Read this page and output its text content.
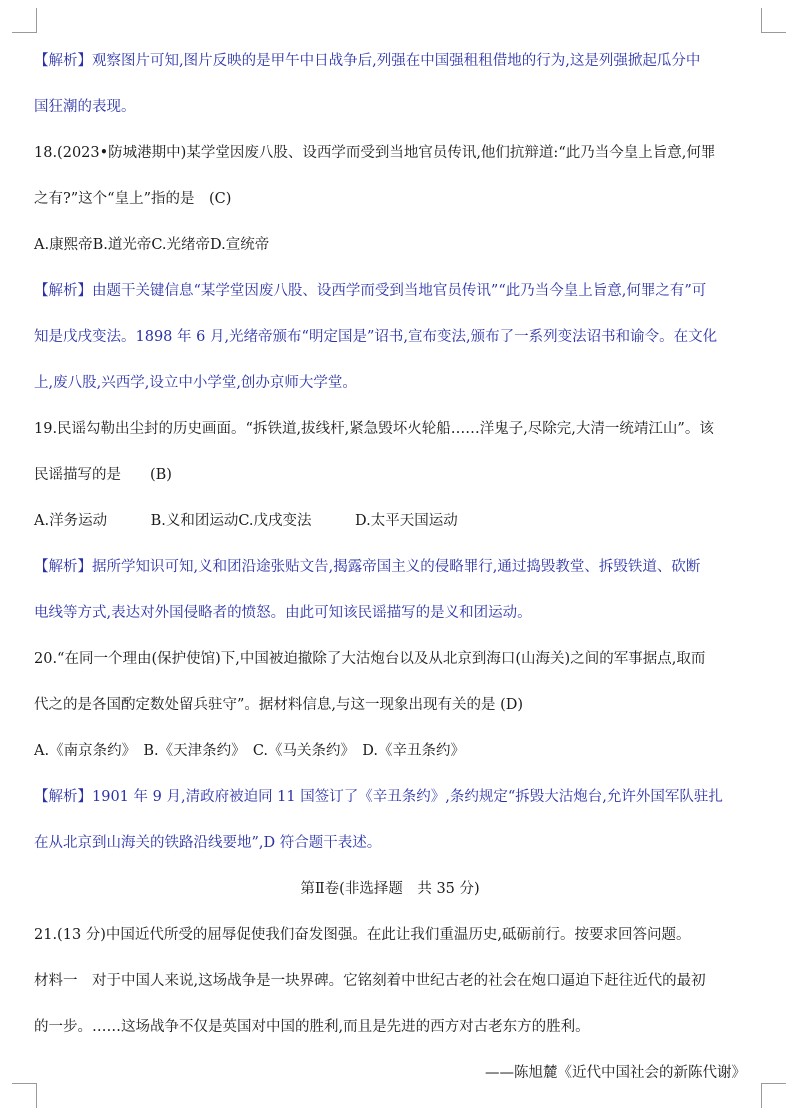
【解析】观察图片可知,图片反映的是甲午中日战争后,列强在中国强租租借地的行为,这是列强掀起瓜分中

国狂潮的表现。

18.(2023•防城港期中)某学堂因废八股、设西学而受到当地官员传讯,他们抗辩道:“此乃当今皇上旨意,何罪

之有?”这个“皇上”指的是　(C)

A.康熙帝B.道光帝C.光绪帝D.宣统帝

【解析】由题干关键信息“某学堂因废八股、设西学而受到当地官员传讯”“此乃当今皇上旨意,何罪之有”可

知是戊戌变法。1898 年 6 月,光绪帝颁布“明定国是”诏书,宣布变法,颁布了一系列变法诏书和谕令。在文化

上,废八股,兴西学,设立中小学堂,创办京师大学堂。

19.民谣勾勒出尘封的历史画面。“拆铁道,拔线杆,紧急毁坏火轮船……洋鬼子,尽除完,大清一统靖江山”。该

民谣描写的是　　(B)

A.洋务运动　　　B.义和团运动C.戊戌变法　　　D.太平天国运动

【解析】据所学知识可知,义和团沿途张贴文告,揭露帝国主义的侵略罪行,通过捣毁教堂、拆毁铁道、砍断

电线等方式,表达对外国侵略者的愤怒。由此可知该民谣描写的是义和团运动。

20.“在同一个理由(保护使馆)下,中国被迫撤除了大沽炮台以及从北京到海口(山海关)之间的军事据点,取而

代之的是各国酌定数处留兵驻守”。据材料信息,与这一现象出现有关的是 (D)

A.《南京条约》　B.《天津条约》　C.《马关条约》　D.《辛丑条约》

【解析】1901 年 9 月,清政府被迫同 11 国签订了《辛丑条约》,条约规定“拆毁大沽炮台,允许外国军队驻扎

在从北京到山海关的铁路沿线要地”,D 符合题干表述。

第Ⅱ卷(非选择题　共 35 分)

21.(13 分)中国近代所受的屈辱促使我们奋发图强。在此让我们重温历史,砥砺前行。按要求回答问题。

材料一　对于中国人来说,这场战争是一块界碑。它铭刻着中世纪古老的社会在炮口逼迫下赶往近代的最初

的一步。……这场战争不仅是英国对中国的胜利,而且是先进的西方对古老东方的胜利。

——陈旭麓《近代中国社会的新陈代谢》
